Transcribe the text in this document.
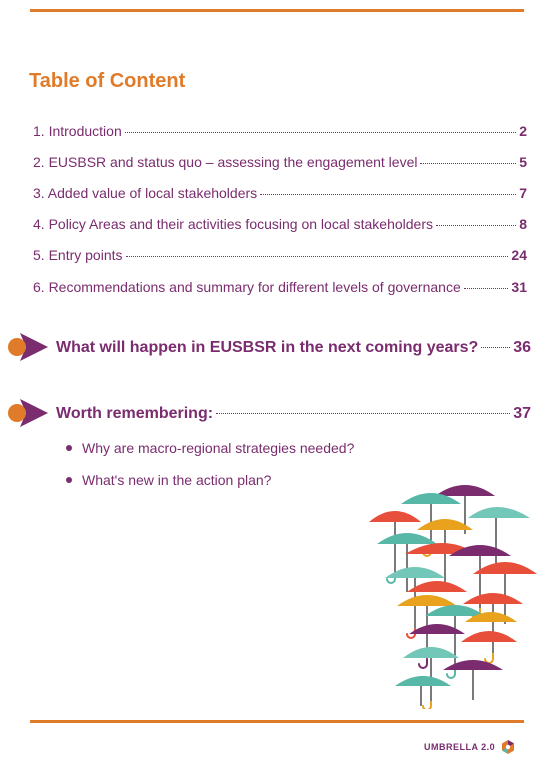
Table of Content
1. Introduction	2
2. EUSBSR and status quo – assessing the engagement level	5
3. Added value of local stakeholders	7
4. Policy Areas and their activities focusing on local stakeholders	8
5. Entry points	24
6. Recommendations and summary for different levels of governance	31
What will happen in EUSBSR in the next coming years? 36
Worth remembering:	37
Why are macro-regional strategies needed?
What's new in the action plan?
UMBRELLA 2.0
